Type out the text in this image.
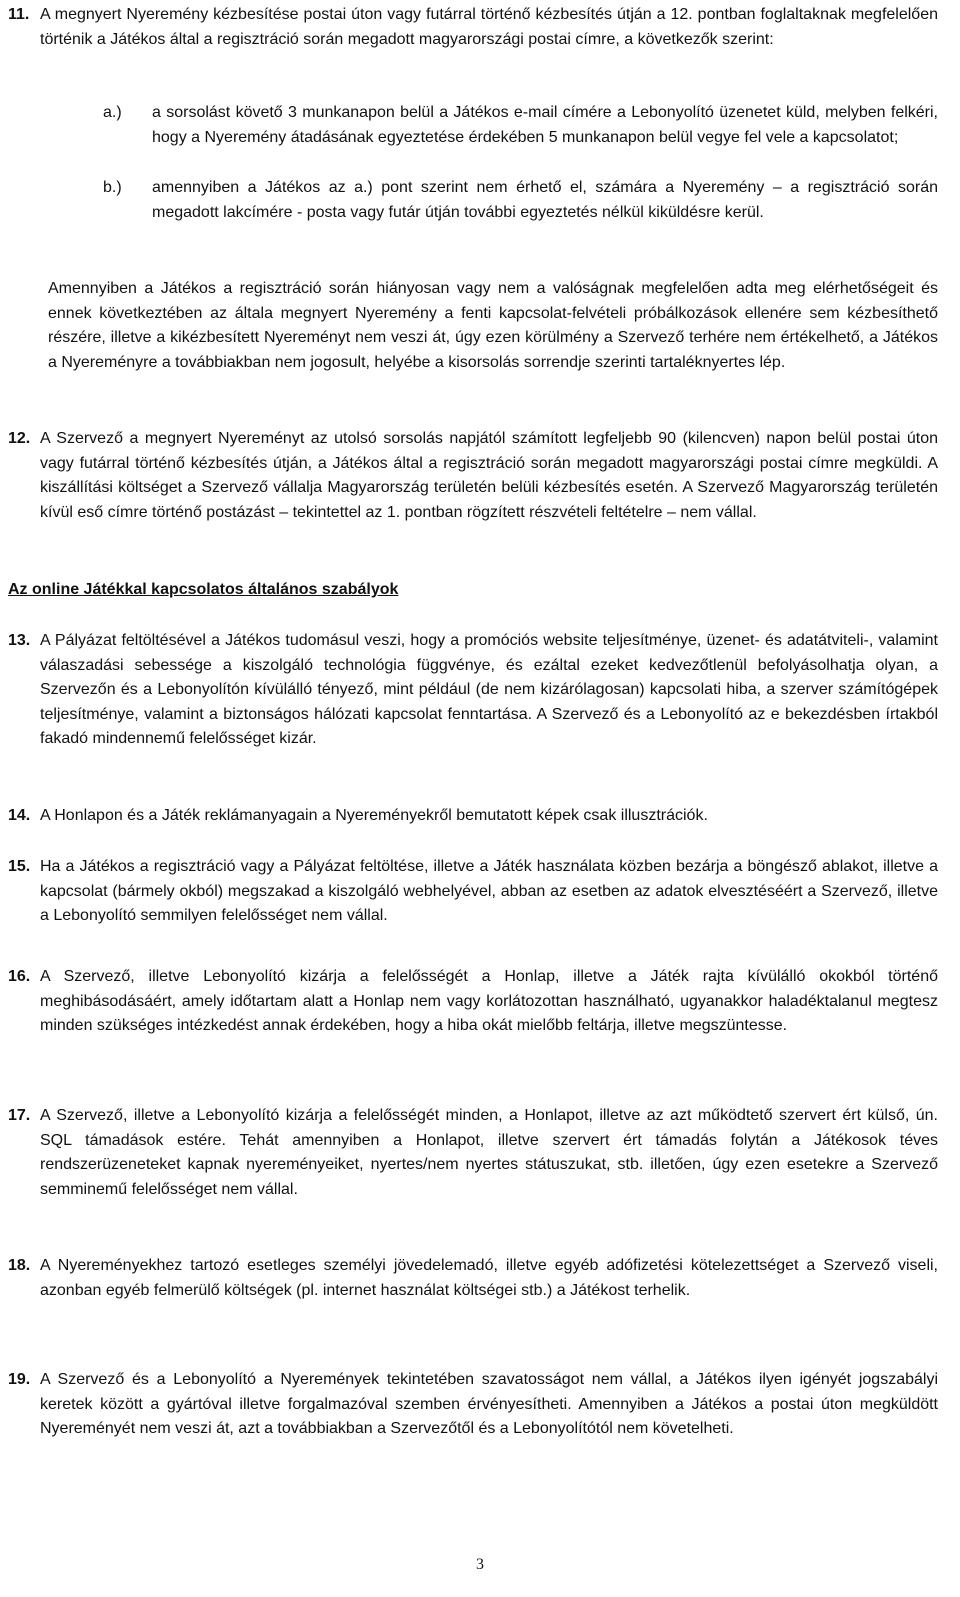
11. A megnyert Nyeremény kézbesítése postai úton vagy futárral történő kézbesítés útján a 12. pontban foglaltaknak megfelelően történik a Játékos által a regisztráció során megadott magyarországi postai címre, a következők szerint:
a.) a sorsolást követő 3 munkanapon belül a Játékos e-mail címére a Lebonyolító üzenetet küld, melyben felkéri, hogy a Nyeremény átadásának egyeztetése érdekében 5 munkanapon belül vegye fel vele a kapcsolatot;
b.) amennyiben a Játékos az a.) pont szerint nem érhető el, számára a Nyeremény – a regisztráció során megadott lakcímére - posta vagy futár útján további egyeztetés nélkül kiküldésre kerül.
Amennyiben a Játékos a regisztráció során hiányosan vagy nem a valóságnak megfelelően adta meg elérhetőségeit és ennek következtében az általa megnyert Nyeremény a fenti kapcsolat-felvételi próbálkozások ellenére sem kézbesíthető részére, illetve a kikézbesített Nyereményt nem veszi át, úgy ezen körülmény a Szervező terhére nem értékelhető, a Játékos a Nyereményre a továbbiakban nem jogosult, helyébe a kisorsolás sorrendje szerinti tartaléknyertes lép.
12. A Szervező a megnyert Nyereményt az utolsó sorsolás napjától számított legfeljebb 90 (kilencven) napon belül postai úton vagy futárral történő kézbesítés útján, a Játékos által a regisztráció során megadott magyarországi postai címre megküldi. A kiszállítási költséget a Szervező vállalja Magyarország területén belüli kézbesítés esetén. A Szervező Magyarország területén kívül eső címre történő postázást – tekintettel az 1. pontban rögzített részvételi feltételre – nem vállal.
Az online Játékkal kapcsolatos általános szabályok
13. A Pályázat feltöltésével a Játékos tudomásul veszi, hogy a promóciós website teljesítménye, üzenet- és adatátviteli-, valamint válaszadási sebessége a kiszolgáló technológia függvénye, és ezáltal ezeket kedvezőtlenül befolyásolhatja olyan, a Szervezőn és a Lebonyolítón kívülálló tényező, mint például (de nem kizárólagosan) kapcsolati hiba, a szerver számítógépek teljesítménye, valamint a biztonságos hálózati kapcsolat fenntartása. A Szervező és a Lebonyolító az e bekezdésben írtakból fakadó mindennemű felelősséget kizár.
14. A Honlapon és a Játék reklámanyagain a Nyereményekről bemutatott képek csak illusztrációk.
15. Ha a Játékos a regisztráció vagy a Pályázat feltöltése, illetve a Játék használata közben bezárja a böngésző ablakot, illetve a kapcsolat (bármely okból) megszakad a kiszolgáló webhelyével, abban az esetben az adatok elvesztéséért a Szervező, illetve a Lebonyolító semmilyen felelősséget nem vállal.
16. A Szervező, illetve Lebonyolító kizárja a felelősségét a Honlap, illetve a Játék rajta kívülálló okokból történő meghibásodásáért, amely időtartam alatt a Honlap nem vagy korlátozottan használható, ugyanakkor haladéktalanul megtesz minden szükséges intézkedést annak érdekében, hogy a hiba okát mielőbb feltárja, illetve megszüntesse.
17. A Szervező, illetve a Lebonyolító kizárja a felelősségét minden, a Honlapot, illetve az azt működtető szervert ért külső, ún. SQL támadások estére. Tehát amennyiben a Honlapot, illetve szervert ért támadás folytán a Játékosok téves rendszerüzeneteket kapnak nyereményeiket, nyertes/nem nyertes státuszukat, stb. illetően, úgy ezen esetekre a Szervező semminemű felelősséget nem vállal.
18. A Nyereményekhez tartozó esetleges személyi jövedelemadó, illetve egyéb adófizetési kötelezettséget a Szervező viseli, azonban egyéb felmerülő költségek (pl. internet használat költségei stb.) a Játékost terhelik.
19. A Szervező és a Lebonyolító a Nyeremények tekintetében szavatosságot nem vállal, a Játékos ilyen igényét jogszabályi keretek között a gyártóval illetve forgalmazóval szemben érvényesítheti. Amennyiben a Játékos a postai úton megküldött Nyereményét nem veszi át, azt a továbbiakban a Szervezőtől és a Lebonyolítótól nem követelheti.
3
